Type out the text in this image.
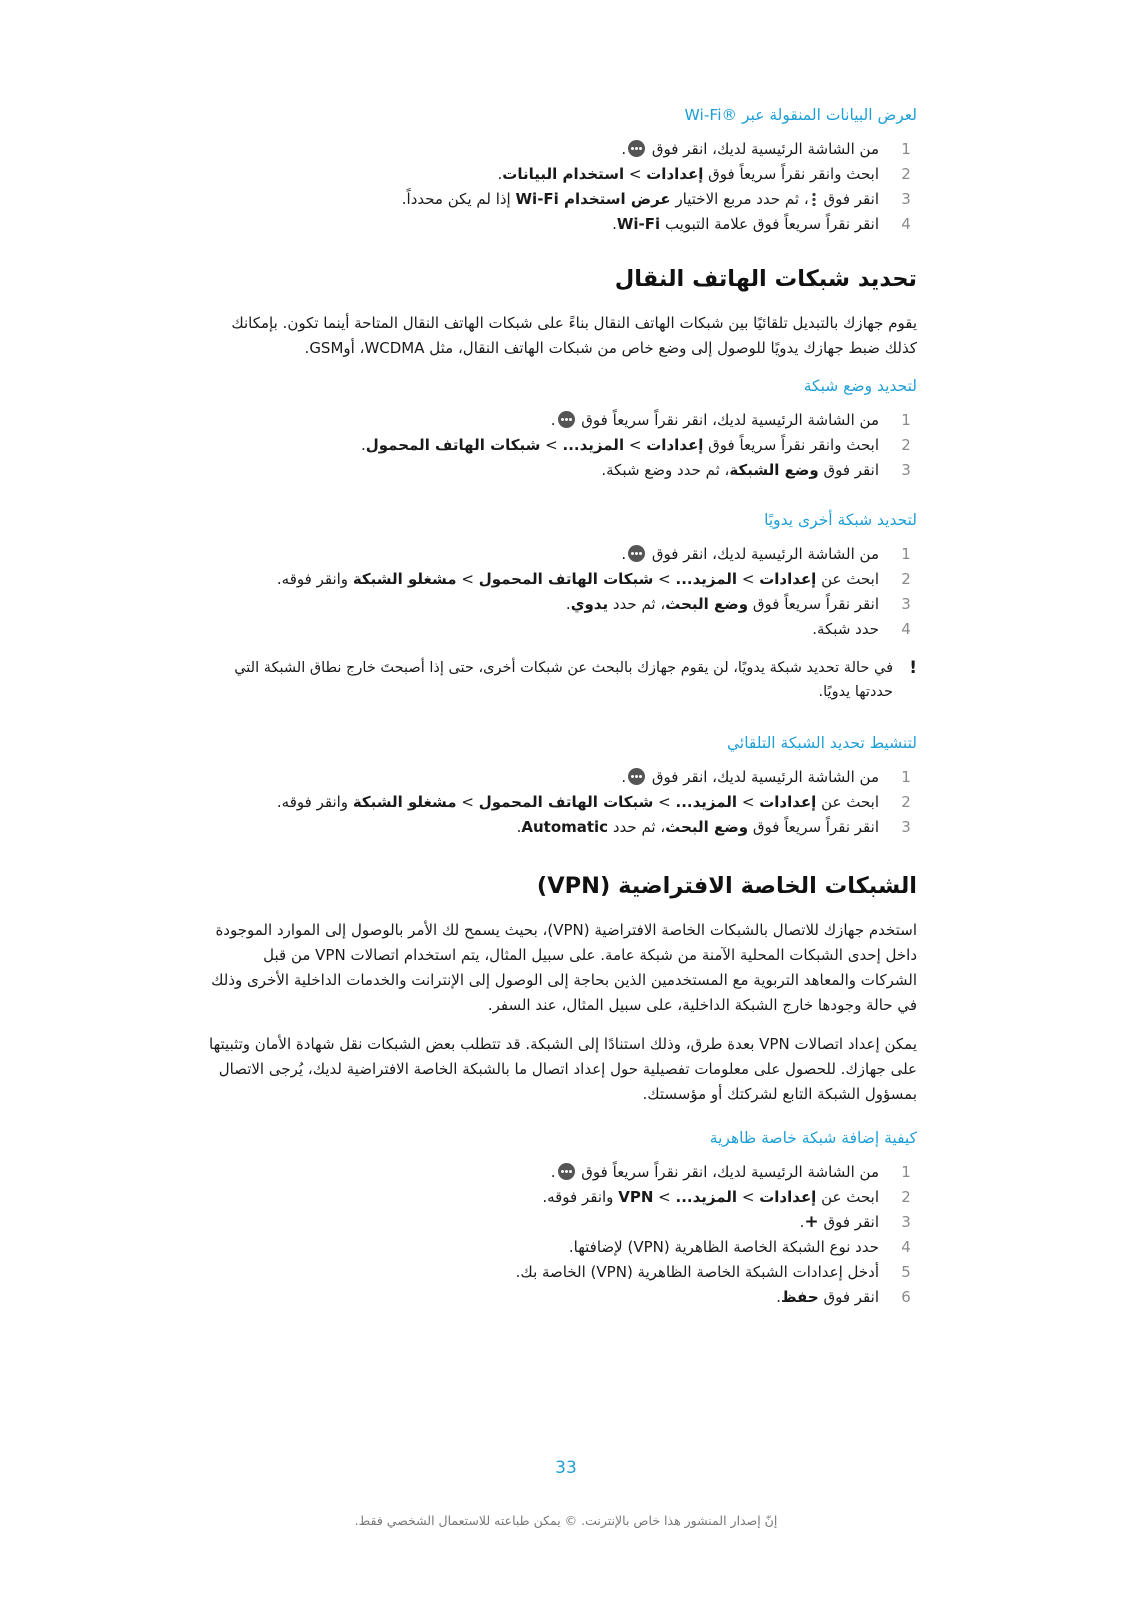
لعرض البيانات المنقولة عبر ®Wi-Fi
1
من الشاشة الرئيسية لديك، انقر فوق .
2
ابحث وانقر نقراً سريعاً فوق إعدادات > استخدام البيانات.
3
انقر فوق ، ثم حدد مربع الاختيار عرض استخدام Wi-Fi إذا لم يكن محدداً.
4
انقر نقراً سريعاً فوق علامة التبويب Wi-Fi.
تحديد شبكات الهاتف النقال

يقوم جهازك بالتبديل تلقائيًا بين شبكات الهاتف النقال بناءً على شبكات الهاتف النقال المتاحة أينما تكون. بإمكانك كذلك ضبط جهازك يدويًا للوصول إلى وضع خاص من شبكات الهاتف النقال، مثل WCDMA، أوGSM.

لتحديد وضع شبكة
1
من الشاشة الرئيسية لديك، انقر نقراً سريعاً فوق .
2
ابحث وانقر نقراً سريعاً فوق إعدادات > المزيد... > شبكات الهاتف المحمول.
3
انقر فوق وضع الشبكة، ثم حدد وضع شبكة.
لتحديد شبكة أخرى يدويًا
1
من الشاشة الرئيسية لديك، انقر فوق .
2
ابحث عن إعدادات > المزيد... > شبكات الهاتف المحمول > مشغلو الشبكة وانقر فوقه.
3
انقر نقراً سريعاً فوق وضع البحث، ثم حدد يدوي.
4
حدد شبكة.
!
في حالة تحديد شبكة يدويًا، لن يقوم جهازك بالبحث عن شبكات أخرى، حتى إذا أصبحتَ خارج نطاق الشبكة التي حددتها يدويًا.
لتنشيط تحديد الشبكة التلقائي
1
من الشاشة الرئيسية لديك، انقر فوق .
2
ابحث عن إعدادات > المزيد... > شبكات الهاتف المحمول > مشغلو الشبكة وانقر فوقه.
3
انقر نقراً سريعاً فوق وضع البحث، ثم حدد Automatic.
الشبكات الخاصة الافتراضية (VPN)

استخدم جهازك للاتصال بالشبكات الخاصة الافتراضية (VPN)، بحيث يسمح لك الأمر بالوصول إلى الموارد الموجودة داخل إحدى الشبكات المحلية الآمنة من شبكة عامة. على سبيل المثال، يتم استخدام اتصالات VPN من قبل الشركات والمعاهد التربوية مع المستخدمين الذين بحاجة إلى الوصول إلى الإنترانت والخدمات الداخلية الأخرى وذلك في حالة وجودها خارج الشبكة الداخلية، على سبيل المثال، عند السفر.

يمكن إعداد اتصالات VPN بعدة طرق، وذلك استنادًا إلى الشبكة. قد تتطلب بعض الشبكات نقل شهادة الأمان وتثبيتها على جهازك. للحصول على معلومات تفصيلية حول إعداد اتصال ما بالشبكة الخاصة الافتراضية لديك، يُرجى الاتصال بمسؤول الشبكة التابع لشركتك أو مؤسستك.

كيفية إضافة شبكة خاصة ظاهرية
1
من الشاشة الرئيسية لديك، انقر نقراً سريعاً فوق .
2
ابحث عن إعدادات > المزيد... > VPN وانقر فوقه.
3
انقر فوق +.
4
حدد نوع الشبكة الخاصة الظاهرية (VPN) لإضافتها.
5
أدخل إعدادات الشبكة الخاصة الظاهرية (VPN) الخاصة بك.
6
انقر فوق حفظ.
33
إنّ إصدار المنشور هذا خاص بالإنترنت. © يمكن طباعته للاستعمال الشخصي فقط.
